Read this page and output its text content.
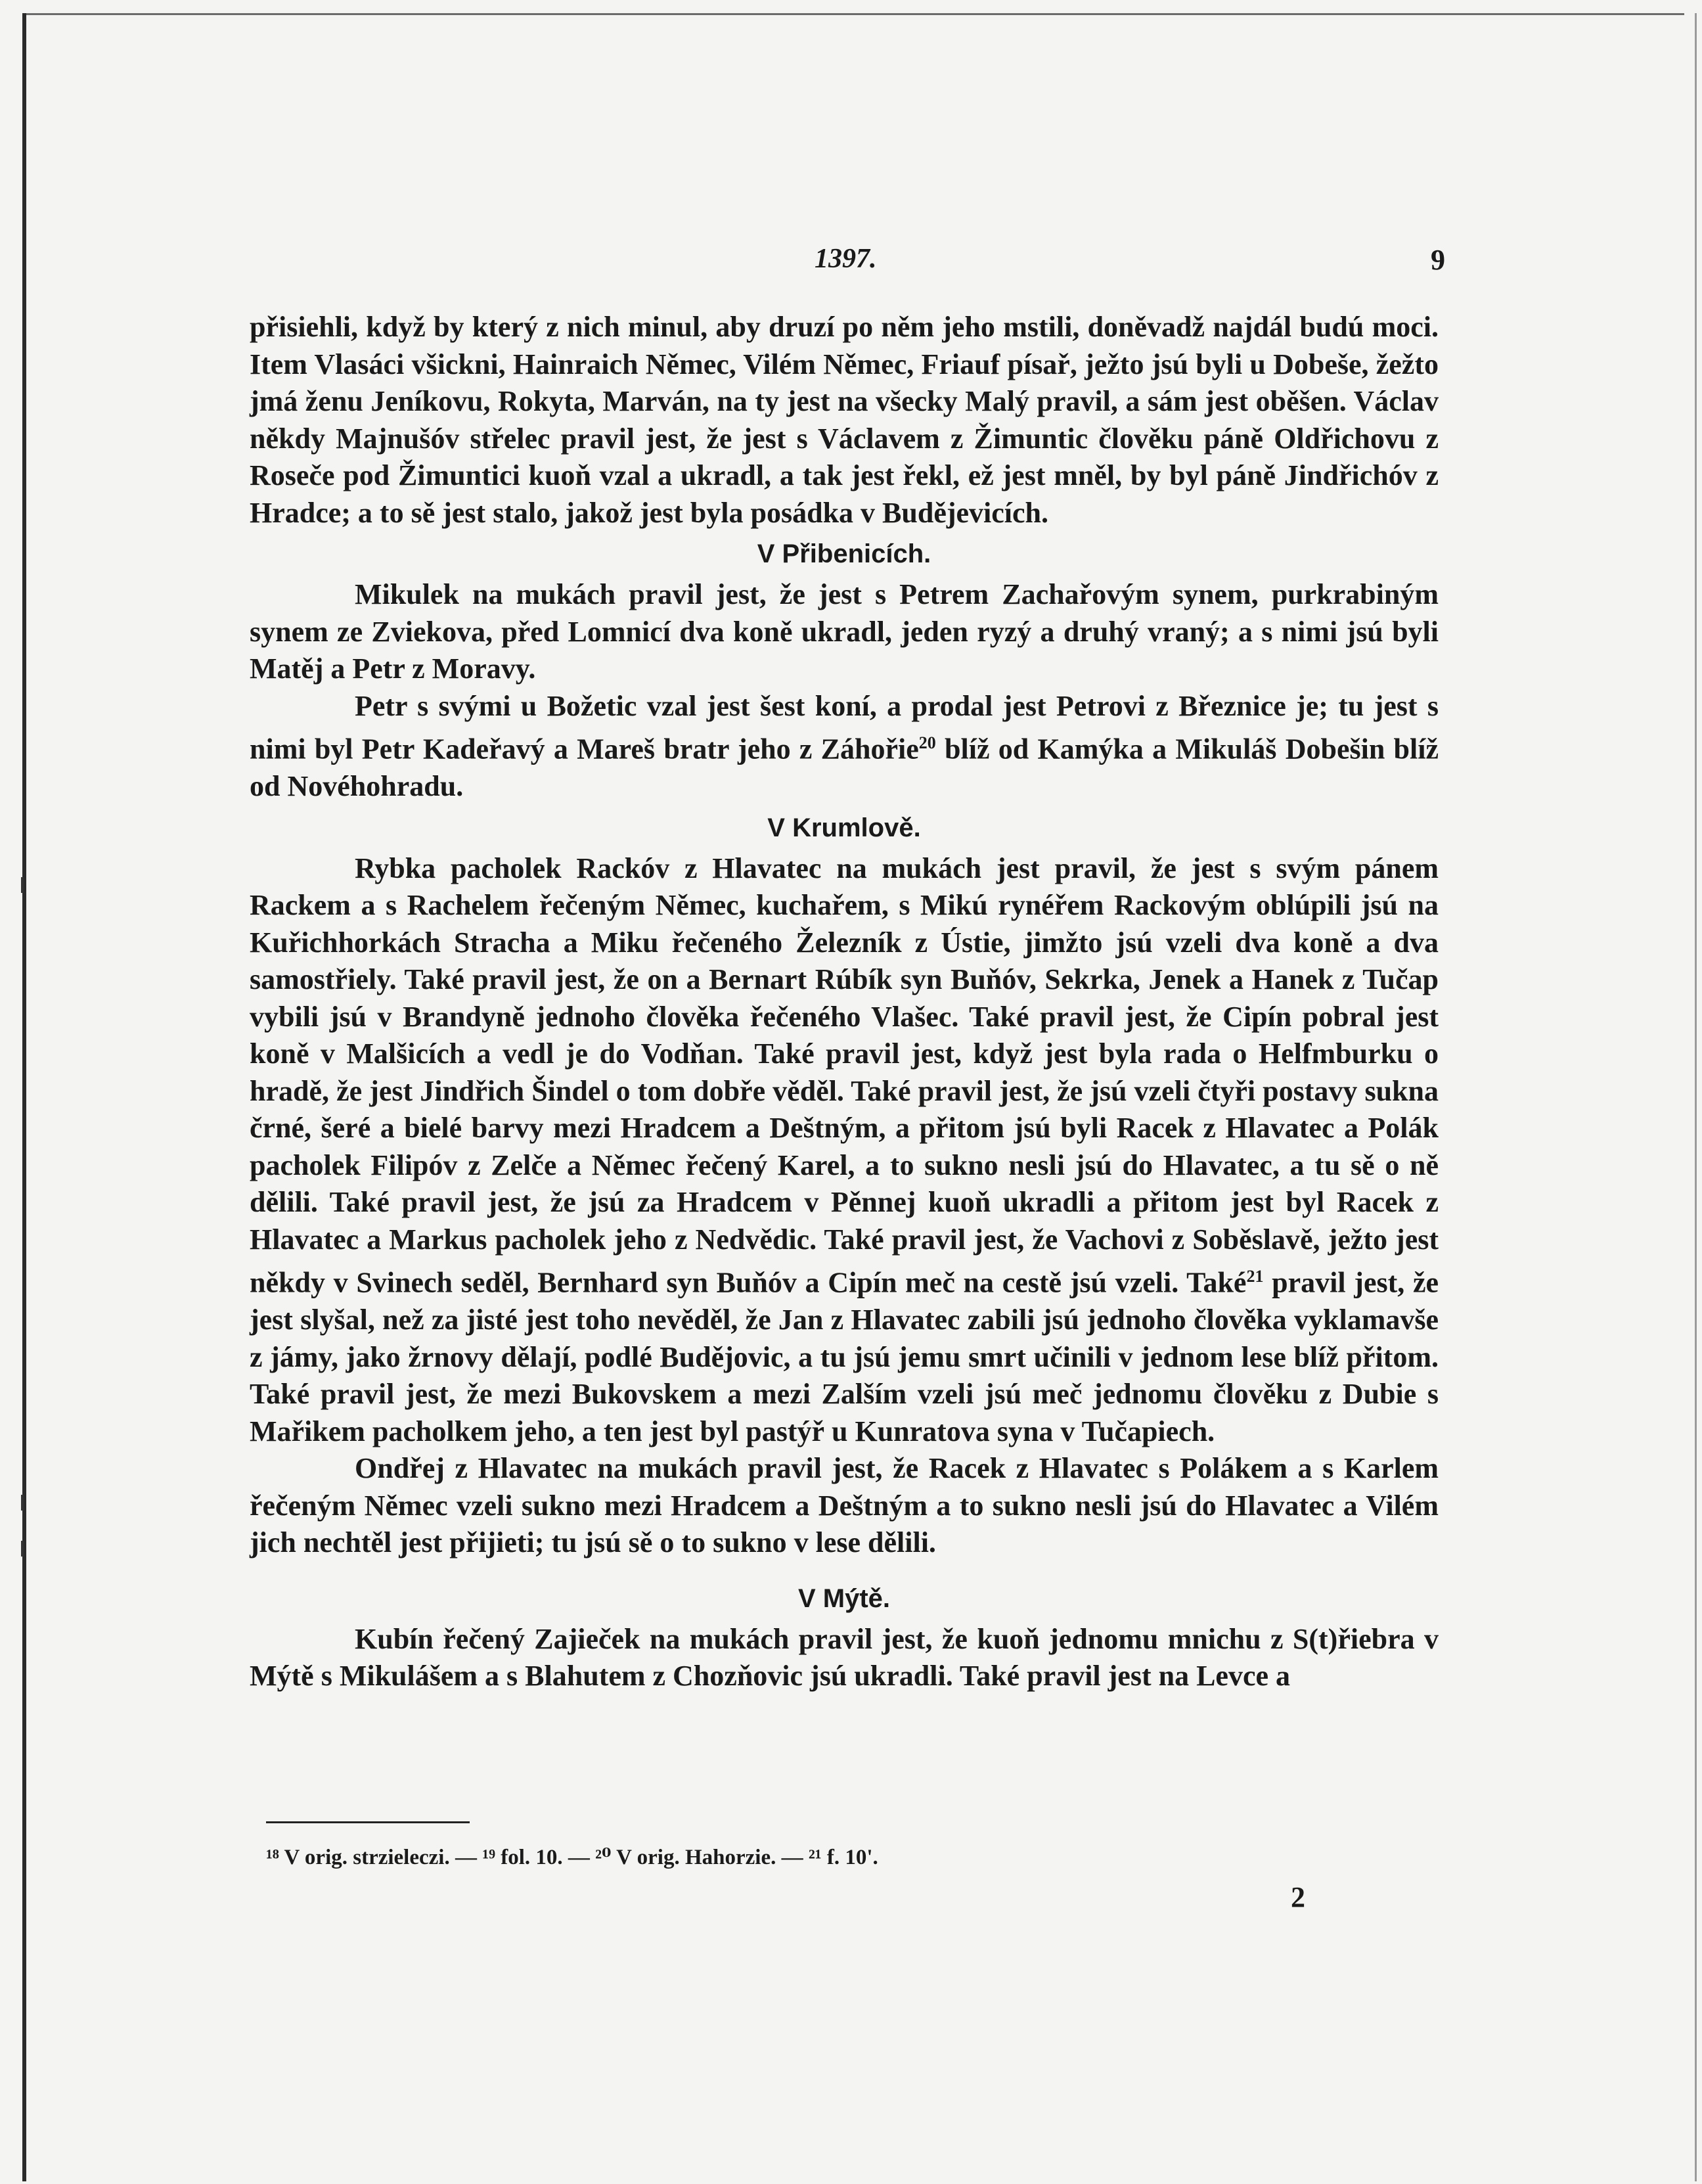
1397.	9

přisiehli, když by který z nich minul, aby druzí po něm jeho mstili, doněvadž najdál budú moci. Item Vlasáci všickni, Hainraich Němec, Vilém Němec, Friauf písař, ježto jsú byli u Dobeše, žežto jmá ženu Jeníkovu, Rokyta, Marván, na ty jest na všecky Malý pravil, a sám jest oběšen. Václav někdy Majnušóv střelec pravil jest, že jest s Václavem z Žimuntic člověku páně Oldřichovu z Roseče pod Žimuntici kuoň vzal a ukradl, a tak jest řekl, ež jest mněl, by byl páně Jindřichóv z Hradce; a to sě jest stalo, jakož jest byla posádka v Budějevicích.

V Přibenicích.

Mikulek na mukách pravil jest, že jest s Petrem Zachařovým synem, purkrabiným synem ze Zviekova, před Lomnicí dva koně ukradl, jeden ryzý a druhý vraný; a s nimi jsú byli Matěj a Petr z Moravy.

Petr s svými u Božetic vzal jest šest koní, a prodal jest Petrovi z Březnice je; tu jest s nimi byl Petr Kadeřavý a Mareš bratr jeho z Záhořie$^{20}$ blíž od Kamýka a Mikuláš Dobešin blíž od Novéhohradu.

V Krumlově.

Rybka pacholek Rackóv z Hlavatec na mukách jest pravil, že jest s svým pánem Rackem a s Rachelem řečeným Němec, kuchařem, s Mikú rynéřem Rackovým oblúpili jsú na Kuřichhorkách Stracha a Miku řečeného Železník z Ústie, jimžto jsú vzeli dva koně a dva samostřiely. Také pravil jest, že on a Bernart Rúbík syn Buňóv, Sekrka, Jenek a Hanek z Tučap vybili jsú v Brandyně jednoho člověka řečeného Vlašec. Také pravil jest, že Cipín pobral jest koně v Malšicích a vedl je do Vodňan. Také pravil jest, když jest byla rada o Helfmburku o hradě, že jest Jindřich Šindel o tom dobře věděl. Také pravil jest, že jsú vzeli čtyři postavy sukna črné, šeré a bielé barvy mezi Hradcem a Deštným, a přitom jsú byli Racek z Hlavatec a Polák pacholek Filipóv z Zelče a Němec řečený Karel, a to sukno nesli jsú do Hlavatec, a tu sě o ně dělili. Také pravil jest, že jsú za Hradcem v Pěnnej kuoň ukradli a přitom jest byl Racek z Hlavatec a Markus pacholek jeho z Nedvědic. Také pravil jest, že Vachovi z Soběslavě, ježto jest někdy v Svinech seděl, Bernhard syn Buňóv a Cipín meč na cestě jsú vzeli. Také$^{21}$ pravil jest, že jest slyšal, než za jisté jest toho nevěděl, že Jan z Hlavatec zabili jsú jednoho člověka vyklamavše z jámy, jako žrnovy dělají, podlé Budějovic, a tu jsú jemu smrt učinili v jednom lese blíž přitom. Také pravil jest, že mezi Bukovskem a mezi Zalším vzeli jsú meč jednomu člověku z Dubie s Mařikem pacholkem jeho, a ten jest byl pastýř u Kunratova syna v Tučapiech.

Ondřej z Hlavatec na mukách pravil jest, že Racek z Hlavatec s Polákem a s Karlem řečeným Němec vzeli sukno mezi Hradcem a Deštným a to sukno nesli jsú do Hlavatec a Vilém jich nechtěl jest přijieti; tu jsú sě o to sukno v lese dělili.

V Mýtě.

Kubín řečený Zajieček na mukách pravil jest, že kuoň jednomu mnichu z S(t)řiebra v Mýtě s Mikulášem a s Blahutem z Chozňovic jsú ukradli. Také pravil jest na Levce a

¹⁸ V orig. strzieleczi. — ¹⁹ fol. 10. — ²⁰ V orig. Hahorzie. — ²¹ f. 10'.
2
